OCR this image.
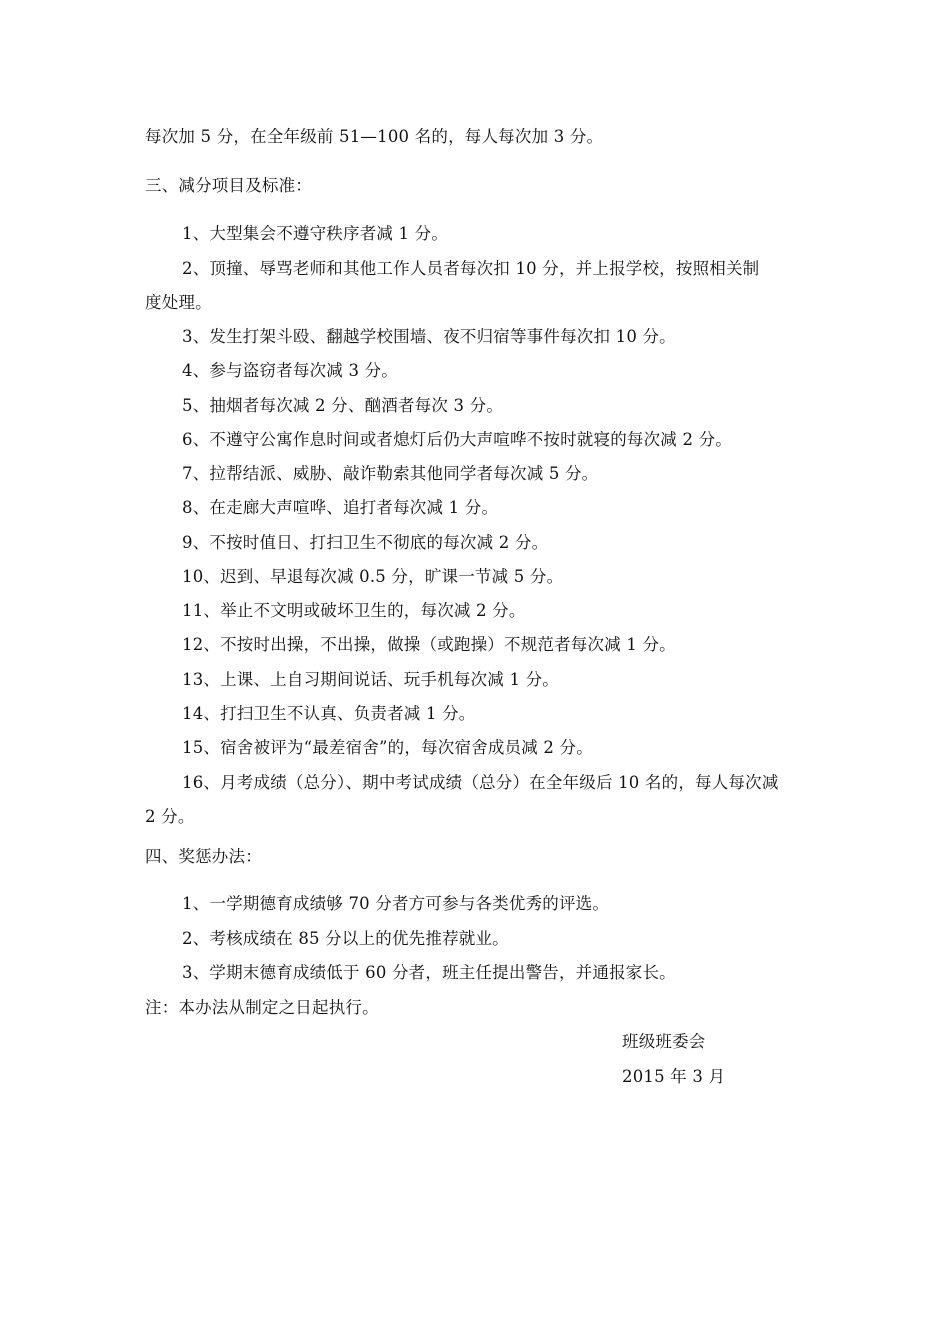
每次加 5 分，在全年级前 51—100 名的，每人每次加 3 分。
三、减分项目及标准：
1、大型集会不遵守秩序者减 1 分。
2、顶撞、辱骂老师和其他工作人员者每次扣 10 分，并上报学校，按照相关制
度处理。
3、发生打架斗殴、翻越学校围墙、夜不归宿等事件每次扣 10 分。
4、参与盗窃者每次减 3 分。
5、抽烟者每次减 2 分、酗酒者每次 3 分。
6、不遵守公寓作息时间或者熄灯后仍大声喧哗不按时就寝的每次减 2 分。
7、拉帮结派、威胁、敲诈勒索其他同学者每次减 5 分。
8、在走廊大声喧哗、追打者每次减 1 分。
9、不按时值日、打扫卫生不彻底的每次减 2 分。
10、迟到、早退每次减 0.5 分，旷课一节减 5 分。
11、举止不文明或破坏卫生的，每次减 2 分。
12、不按时出操，不出操，做操（或跑操）不规范者每次减 1 分。
13、上课、上自习期间说话、玩手机每次减 1 分。
14、打扫卫生不认真、负责者减 1 分。
15、宿舍被评为“最差宿舍”的，每次宿舍成员减 2 分。
16、月考成绩（总分）、期中考试成绩（总分）在全年级后 10 名的，每人每次减
2 分。
四、奖惩办法：
1、一学期德育成绩够 70 分者方可参与各类优秀的评选。
2、考核成绩在 85 分以上的优先推荐就业。
3、学期末德育成绩低于 60 分者，班主任提出警告，并通报家长。
注：本办法从制定之日起执行。
班级班委会
2015 年 3 月
